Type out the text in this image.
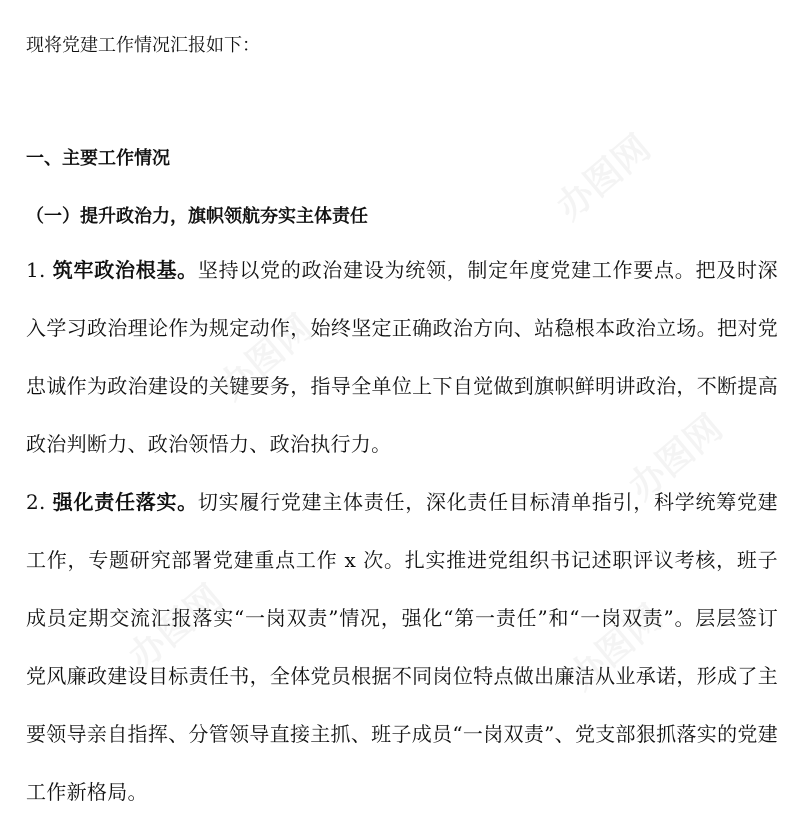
办图网
办图网
办图网
办图网	办图网

现将党建工作情况汇报如下：

一、主要工作情况

（一）提升政治力，旗帜领航夯实主体责任

1. 筑牢政治根基。坚持以党的政治建设为统领，制定年度党建工作要点。把及时深入学习政治理论作为规定动作，始终坚定正确政治方向、站稳根本政治立场。把对党忠诚作为政治建设的关键要务，指导全单位上下自觉做到旗帜鲜明讲政治，不断提高政治判断力、政治领悟力、政治执行力。

2. 强化责任落实。切实履行党建主体责任，深化责任目标清单指引，科学统筹党建工作，专题研究部署党建重点工作 x 次。扎实推进党组织书记述职评议考核，班子成员定期交流汇报落实“一岗双责”情况，强化“第一责任”和“一岗双责”。层层签订党风廉政建设目标责任书，全体党员根据不同岗位特点做出廉洁从业承诺，形成了主要领导亲自指挥、分管领导直接主抓、班子成员“一岗双责”、党支部狠抓落实的党建工作新格局。
